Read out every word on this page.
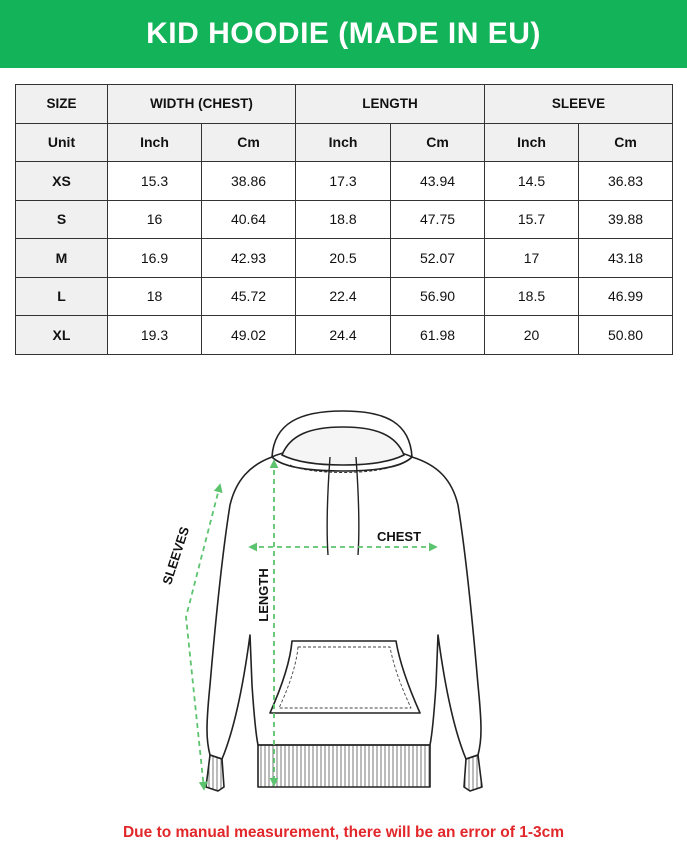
KID HOODIE (MADE IN EU)
SIZE	WIDTH (CHEST)		LENGTH		SLEEVE	
Unit	Inch	Cm	Inch	Cm	Inch	Cm
XS	15.3	38.86	17.3	43.94	14.5	36.83
S	16	40.64	18.8	47.75	15.7	39.88
M	16.9	42.93	20.5	52.07	17	43.18
L	18	45.72	22.4	56.90	18.5	46.99
XL	19.3	49.02	24.4	61.98	20	50.80
CHEST
LENGTH
SLEEVES
Due to manual measurement, there will be an error of 1-3cm
